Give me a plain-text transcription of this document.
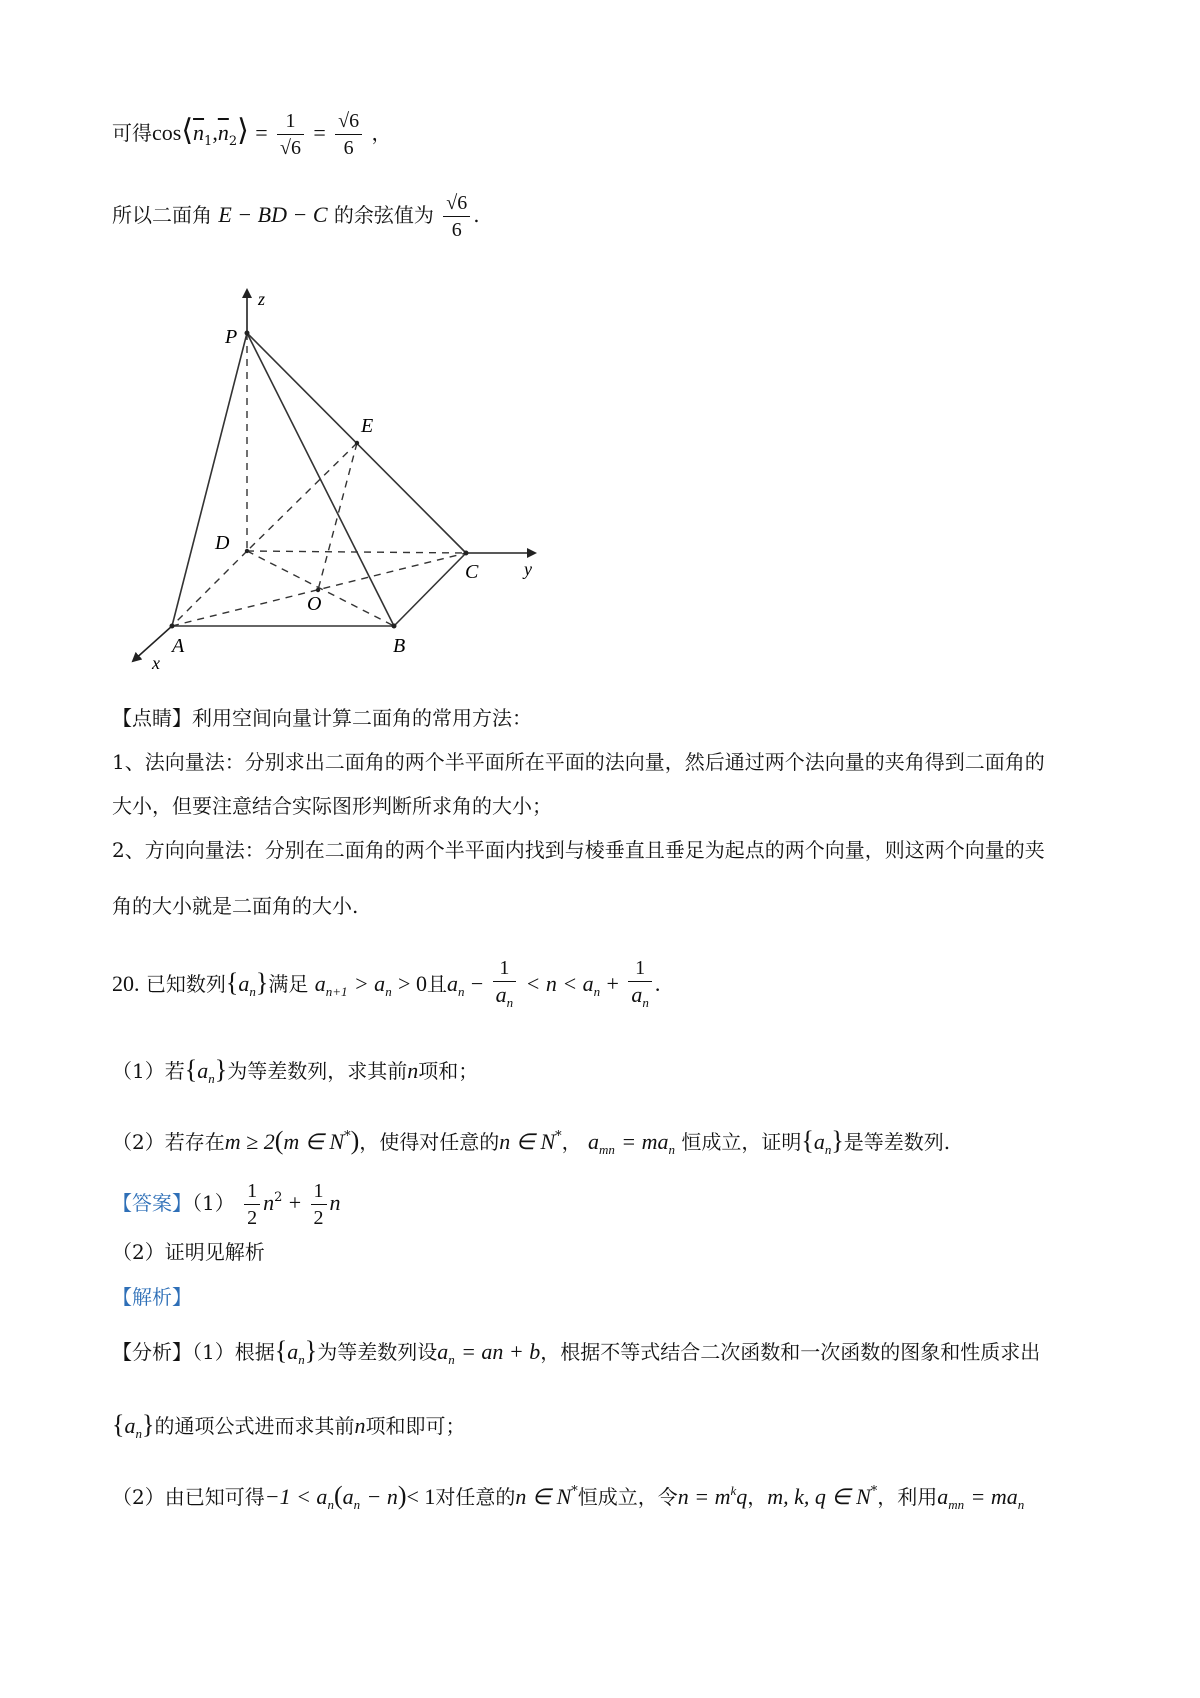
可得$\cos⟨\overline{n}_1,\overline{n}_2⟩ = \frac{1}{√6} = \frac{√6}{6}$ ，
所以二面角 E − BD − C 的余弦值为 $\frac{√6}{6}$ .
z
P
E
D
C	y
O
A	B
x
【点睛】利用空间向量计算二面角的常用方法：
1、法向量法：分别求出二面角的两个半平面所在平面的法向量，然后通过两个法向量的夹角得到二面角的
大小，但要注意结合实际图形判断所求角的大小；
2、方向向量法：分别在二面角的两个半平面内找到与棱垂直且垂足为起点的两个向量，则这两个向量的夹
角的大小就是二面角的大小.
20. 已知数列$\{a_n\}$满足 $a_{n+1} > a_n > 0$且$a_n - \frac{1}{a_n} < n < a_n + \frac{1}{a_n}$ .
（1）若$\{a_n\}$为等差数列，求其前n项和；
（2）若存在m ≥ 2(m ∈ N*)，使得对任意的n ∈ N*， $a_{mn} = ma_n$ 恒成立，证明$\{a_n\}$是等差数列.
【答案】$(1) \frac{1}{2} n^2 + \frac{1}{2}$ n
（2）证明见解析
【解析】
【分析】（1）根据$\{a_n\}$为等差数列设$a_n$ = an + b，根据不等式结合二次函数和一次函数的图象和性质求出
$\{a_n\}$的通项公式进而求其前n项和即可；
（2）由已知可得$-1 < a_n(a_n - n)< 1$对任意的n ∈ N*恒成立，令$n = m^kq$，m, k, q ∈ N*，利用$a_{mn} = ma_n$
